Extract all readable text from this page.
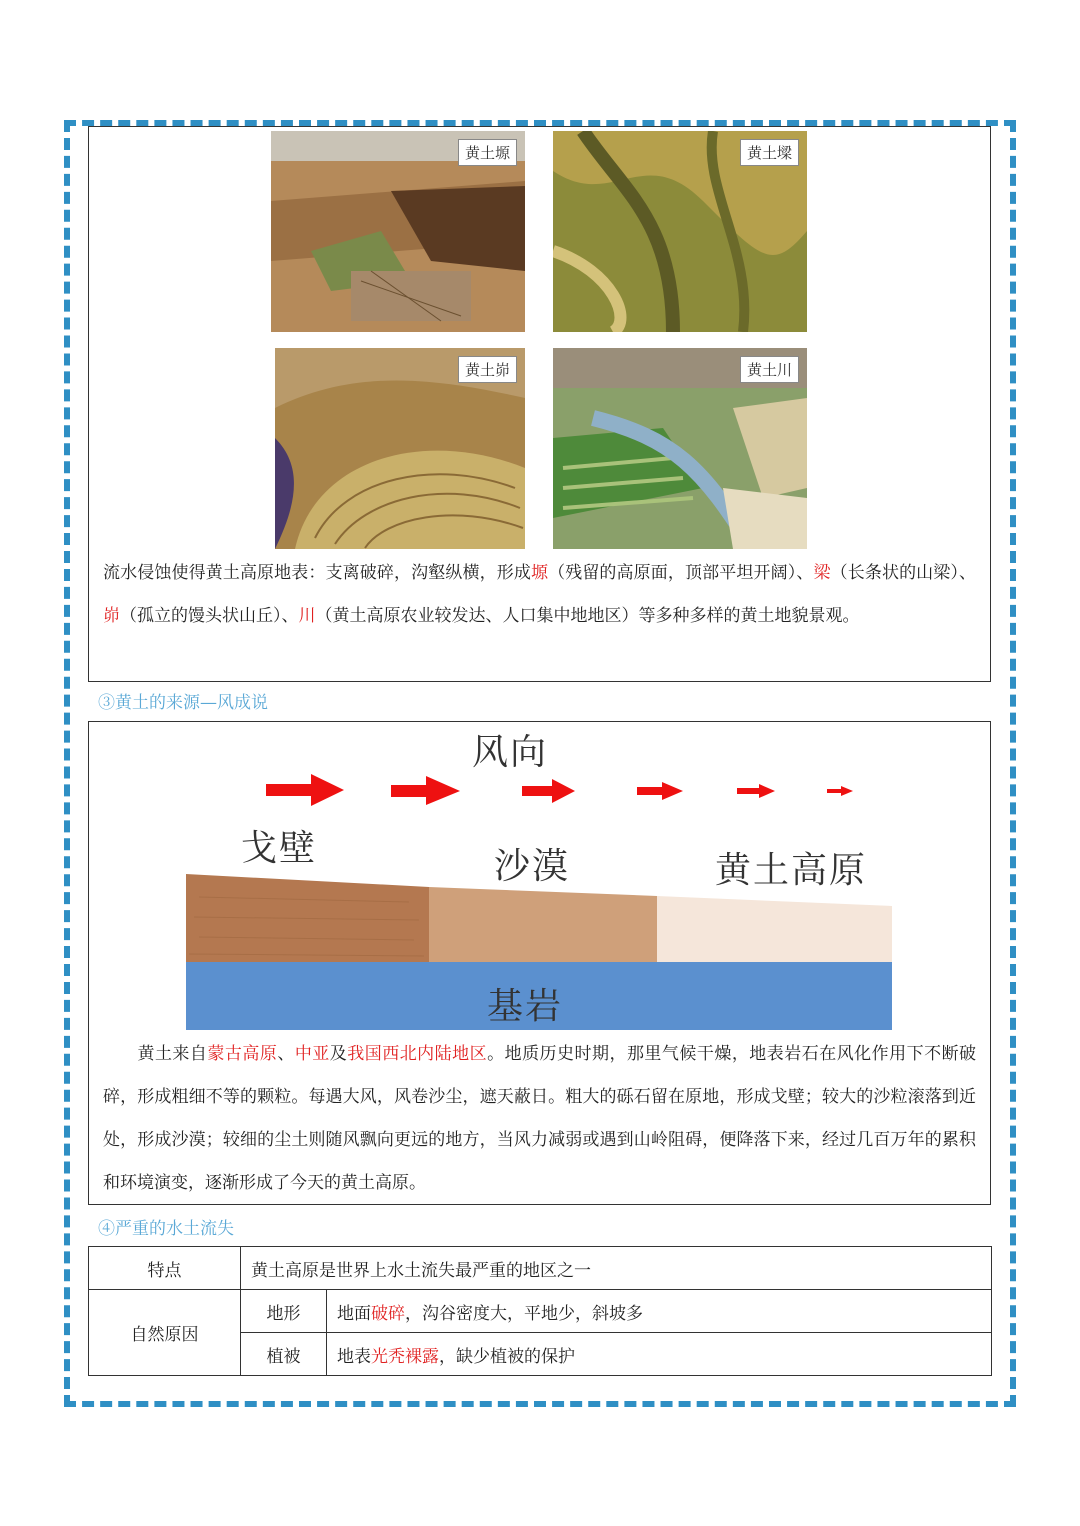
黄土塬	黄土墚
黄土峁	黄土川

流水侵蚀使得黄土高原地表：支离破碎，沟壑纵横，形成塬（残留的高原面，顶部平坦开阔）、梁（长条状的山梁）、峁（孤立的馒头状山丘）、川（黄土高原农业较发达、人口集中地地区）等多种多样的黄土地貌景观。

③黄土的来源—风成说
风向
戈壁	沙漠	黄土高原
基岩

黄土来自蒙古高原、中亚及我国西北内陆地区。地质历史时期，那里气候干燥，地表岩石在风化作用下不断破碎，形成粗细不等的颗粒。每遇大风，风卷沙尘，遮天蔽日。粗大的砾石留在原地，形成戈壁；较大的沙粒滚落到近处，形成沙漠；较细的尘土则随风飘向更远的地方，当风力减弱或遇到山岭阻碍，便降落下来，经过几百万年的累积和环境演变，逐渐形成了今天的黄土高原。

④严重的水土流失
特点	黄土高原是世界上水土流失最严重的地区之一	
自然原因	地形	地面破碎，沟谷密度大，平地少，斜坡多
	植被	地表光秃裸露，缺少植被的保护
